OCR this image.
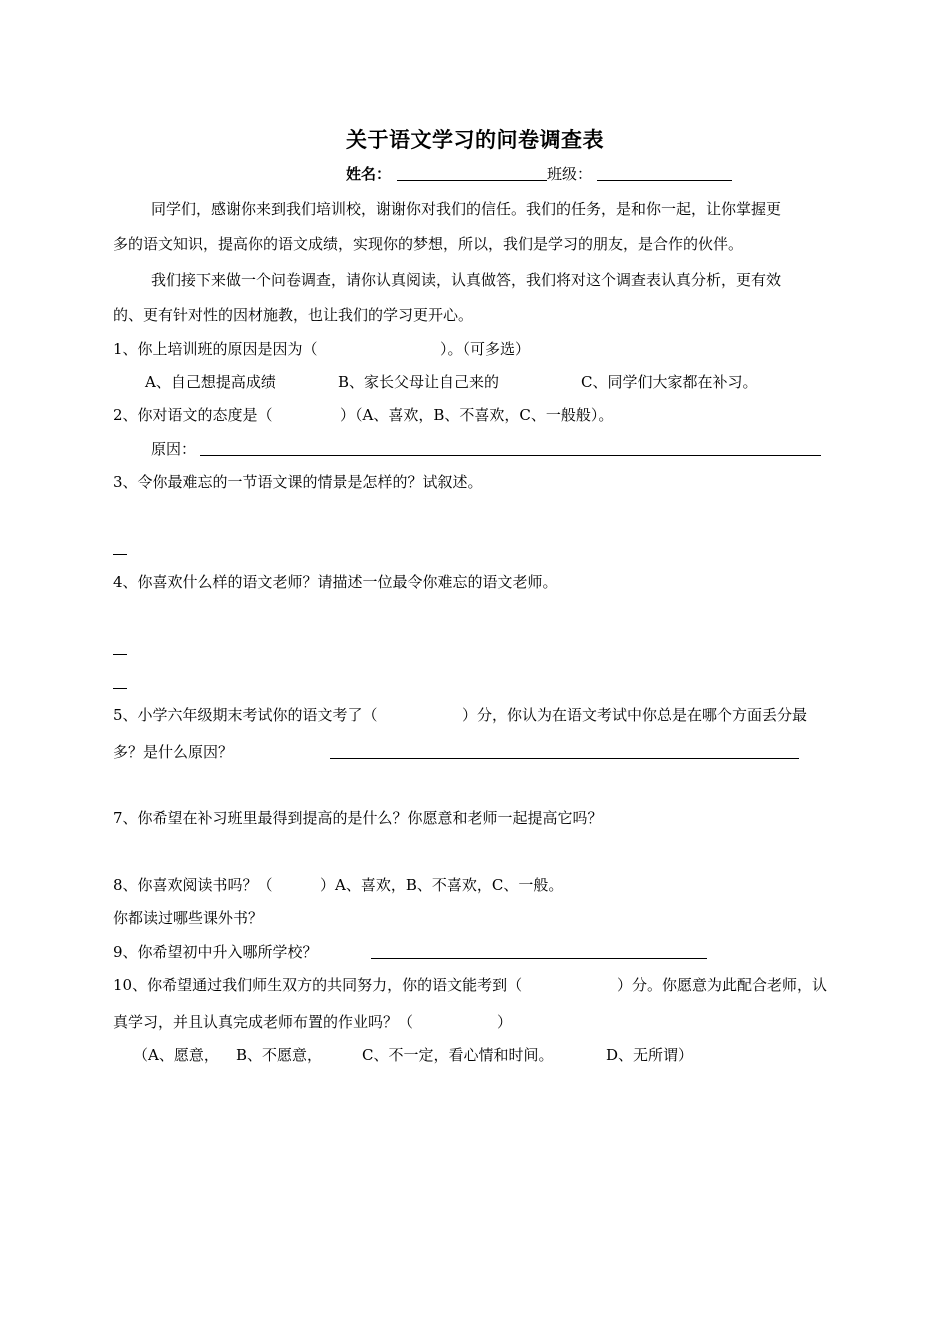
关于语文学习的问卷调查表
姓名：	班级：
同学们，感谢你来到我们培训校，谢谢你对我们的信任。我们的任务，是和你一起，让你掌握更
多的语文知识，提高你的语文成绩，实现你的梦想，所以，我们是学习的朋友，是合作的伙伴。
我们接下来做一个问卷调查，请你认真阅读，认真做答，我们将对这个调查表认真分析，更有效
的、更有针对性的因材施教，也让我们的学习更开心。
1、你上培训班的原因是因为（	）。（可多选）
A、自己想提高成绩	B、家长父母让自己来的	C、同学们大家都在补习。
2、你对语文的态度是（	）（A、喜欢，B、不喜欢，C、一般般）。
原因：
3、令你最难忘的一节语文课的情景是怎样的？试叙述。
4、你喜欢什么样的语文老师？请描述一位最令你难忘的语文老师。
5、小学六年级期末考试你的语文考了（	）分，你认为在语文考试中你总是在哪个方面丢分最
多？是什么原因？
7、你希望在补习班里最得到提高的是什么？你愿意和老师一起提高它吗？
8、你喜欢阅读书吗？（	）A、喜欢，B、不喜欢，C、一般。
你都读过哪些课外书？
9、你希望初中升入哪所学校？
10、你希望通过我们师生双方的共同努力，你的语文能考到（	）分。你愿意为此配合老师，认
真学习，并且认真完成老师布置的作业吗？（	）
（A、愿意， B、不愿意，	C、不一定，看心情和时间。	D、无所谓）
